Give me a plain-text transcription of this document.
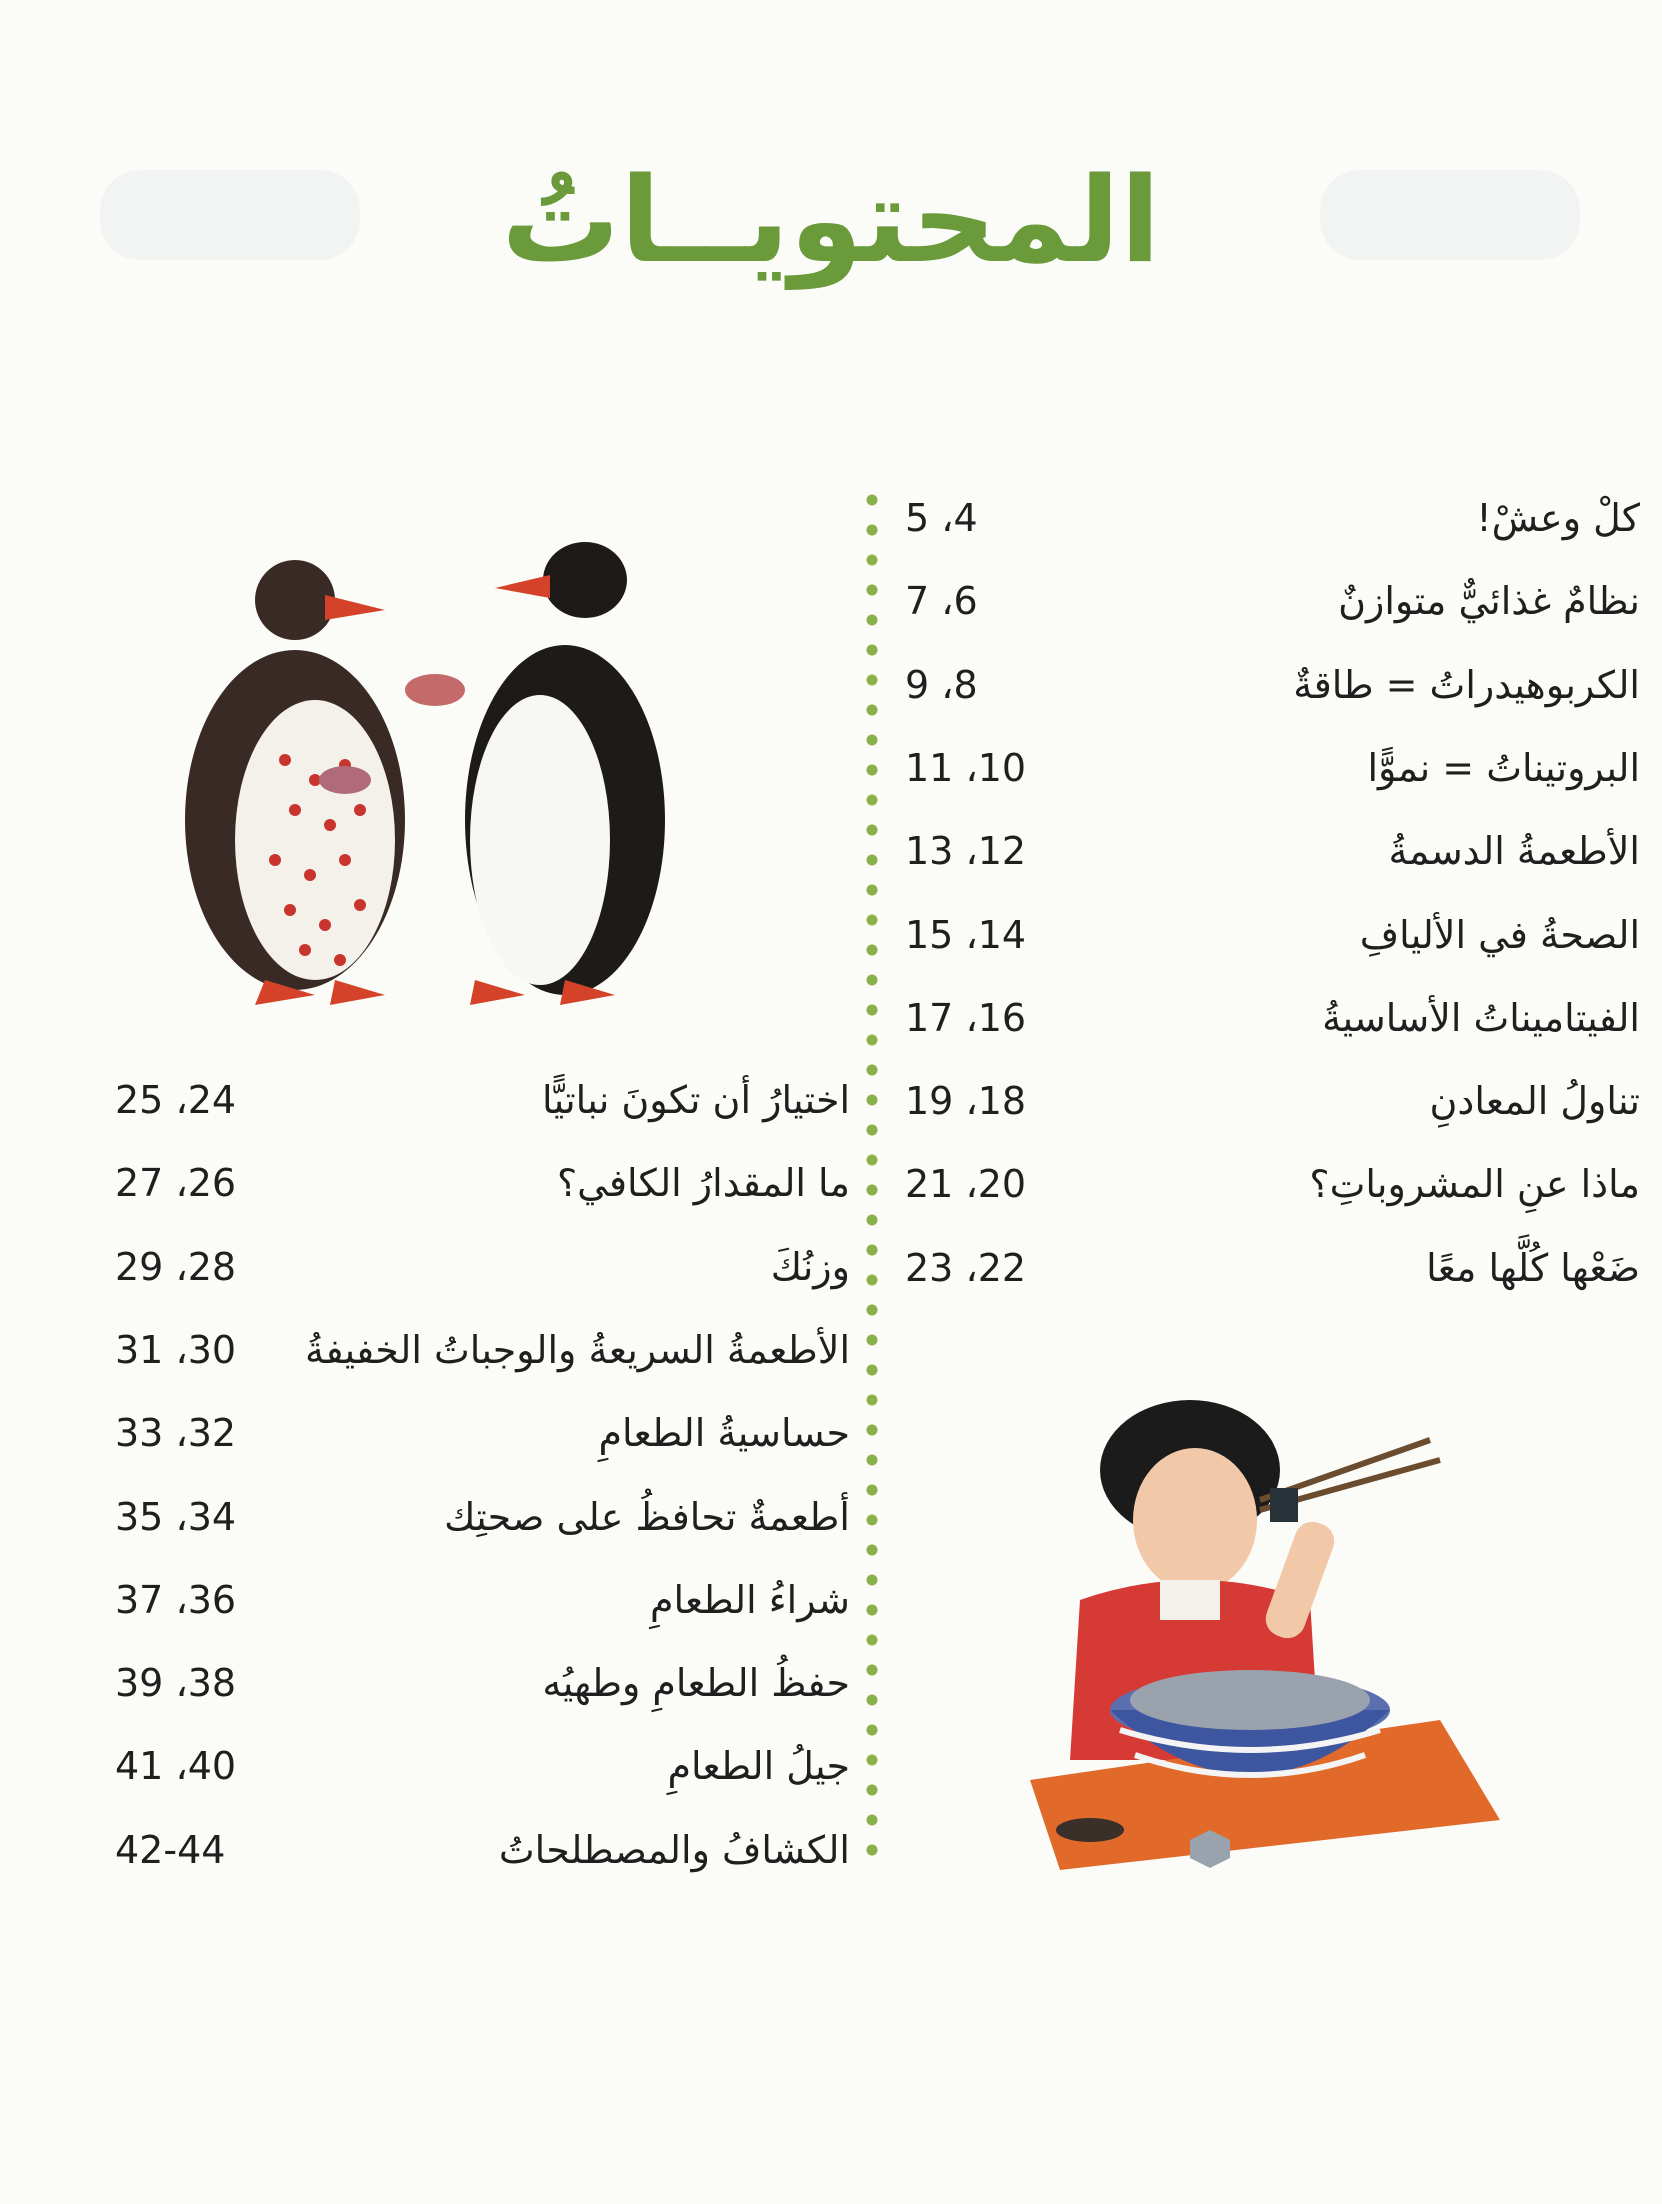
المحتويــاتُ
كلْ وعشْ!
4، 5
نظامٌ غذائيٌّ متوازنٌ
6، 7
الكربوهيدراتُ = طاقةٌ
8، 9
البروتيناتُ = نموًّا
10، 11
الأطعمةُ الدسمةُ
12، 13
الصحةُ في الأليافِ
14، 15
الفيتاميناتُ الأساسيةُ
16، 17
تناولُ المعادنِ
18، 19
ماذا عنِ المشروباتِ؟
20، 21
ضَعْها كُلَّها معًا
22، 23
اختيارُ أن تكونَ نباتيًّا
24، 25
ما المقدارُ الكافي؟
26، 27
وزنُكَ
28، 29
الأطعمةُ السريعةُ والوجباتُ الخفيفةُ
30، 31
حساسيةُ الطعامِ
32، 33
أطعمةٌ تحافظُ على صحتِك
34، 35
شراءُ الطعامِ
36، 37
حفظُ الطعامِ وطهيُه
38، 39
جيلُ الطعامِ
40، 41
الكشافُ والمصطلحاتُ
42-44
